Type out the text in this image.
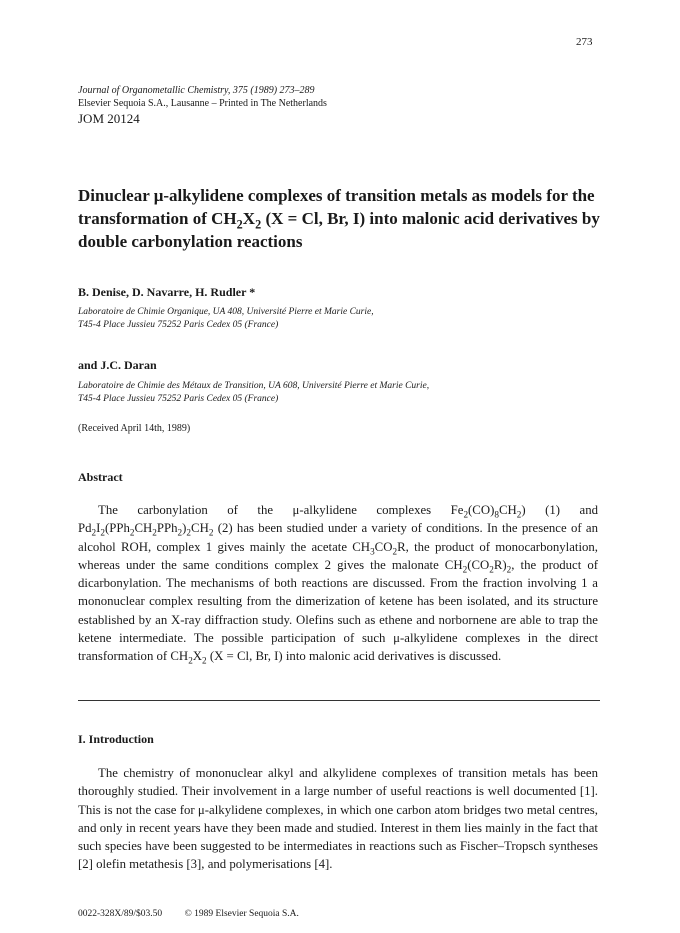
273
Journal of Organometallic Chemistry, 375 (1989) 273–289
Elsevier Sequoia S.A., Lausanne – Printed in The Netherlands
JOM 20124
Dinuclear μ-alkylidene complexes of transition metals as models for the transformation of $CH_2X_2$ (X = Cl, Br, I) into malonic acid derivatives by double carbonylation reactions

B. Denise, D. Navarre, H. Rudler *

Laboratoire de Chimie Organique, UA 408, Université Pierre et Marie Curie,
T45-4 Place Jussieu 75252 Paris Cedex 05 (France)

and J.C. Daran

Laboratoire de Chimie des Métaux de Transition, UA 608, Université Pierre et Marie Curie,
T45-4 Place Jussieu 75252 Paris Cedex 05 (France)
(Received April 14th, 1989)
Abstract

The carbonylation of the μ-alkylidene complexes $Fe_2(CO)_8CH_2$) (1) and $Pd_2I_2(PPh_2CH_2PPh_2)_2CH_2$ (2) has been studied under a variety of conditions. In the presence of an alcohol ROH, complex 1 gives mainly the acetate $CH_3CO_2R$, the product of monocarbonylation, whereas under the same conditions complex 2 gives the malonate $CH_2(CO_2R)_2$, the product of dicarbonylation. The mechanisms of both reactions are discussed. From the fraction involving 1 a mononuclear complex resulting from the dimerization of ketene has been isolated, and its structure established by an X-ray diffraction study. Olefins such as ethene and norbornene are able to trap the ketene intermediate. The possible participation of such μ-alkylidene complexes in the direct transformation of $CH_2X_2$ (X = Cl, Br, I) into malonic acid derivatives is discussed.

I. Introduction

The chemistry of mononuclear alkyl and alkylidene complexes of transition metals has been thoroughly studied. Their involvement in a large number of useful reactions is well documented [1]. This is not the case for μ-alkylidene complexes, in which one carbon atom bridges two metal centres, and only in recent years have they been made and studied. Interest in them lies mainly in the fact that such species have been suggested to be intermediates in reactions such as Fischer–Tropsch syntheses [2] olefin metathesis [3], and polymerisations [4].

0022-328X/89/$03.50 © 1989 Elsevier Sequoia S.A.
